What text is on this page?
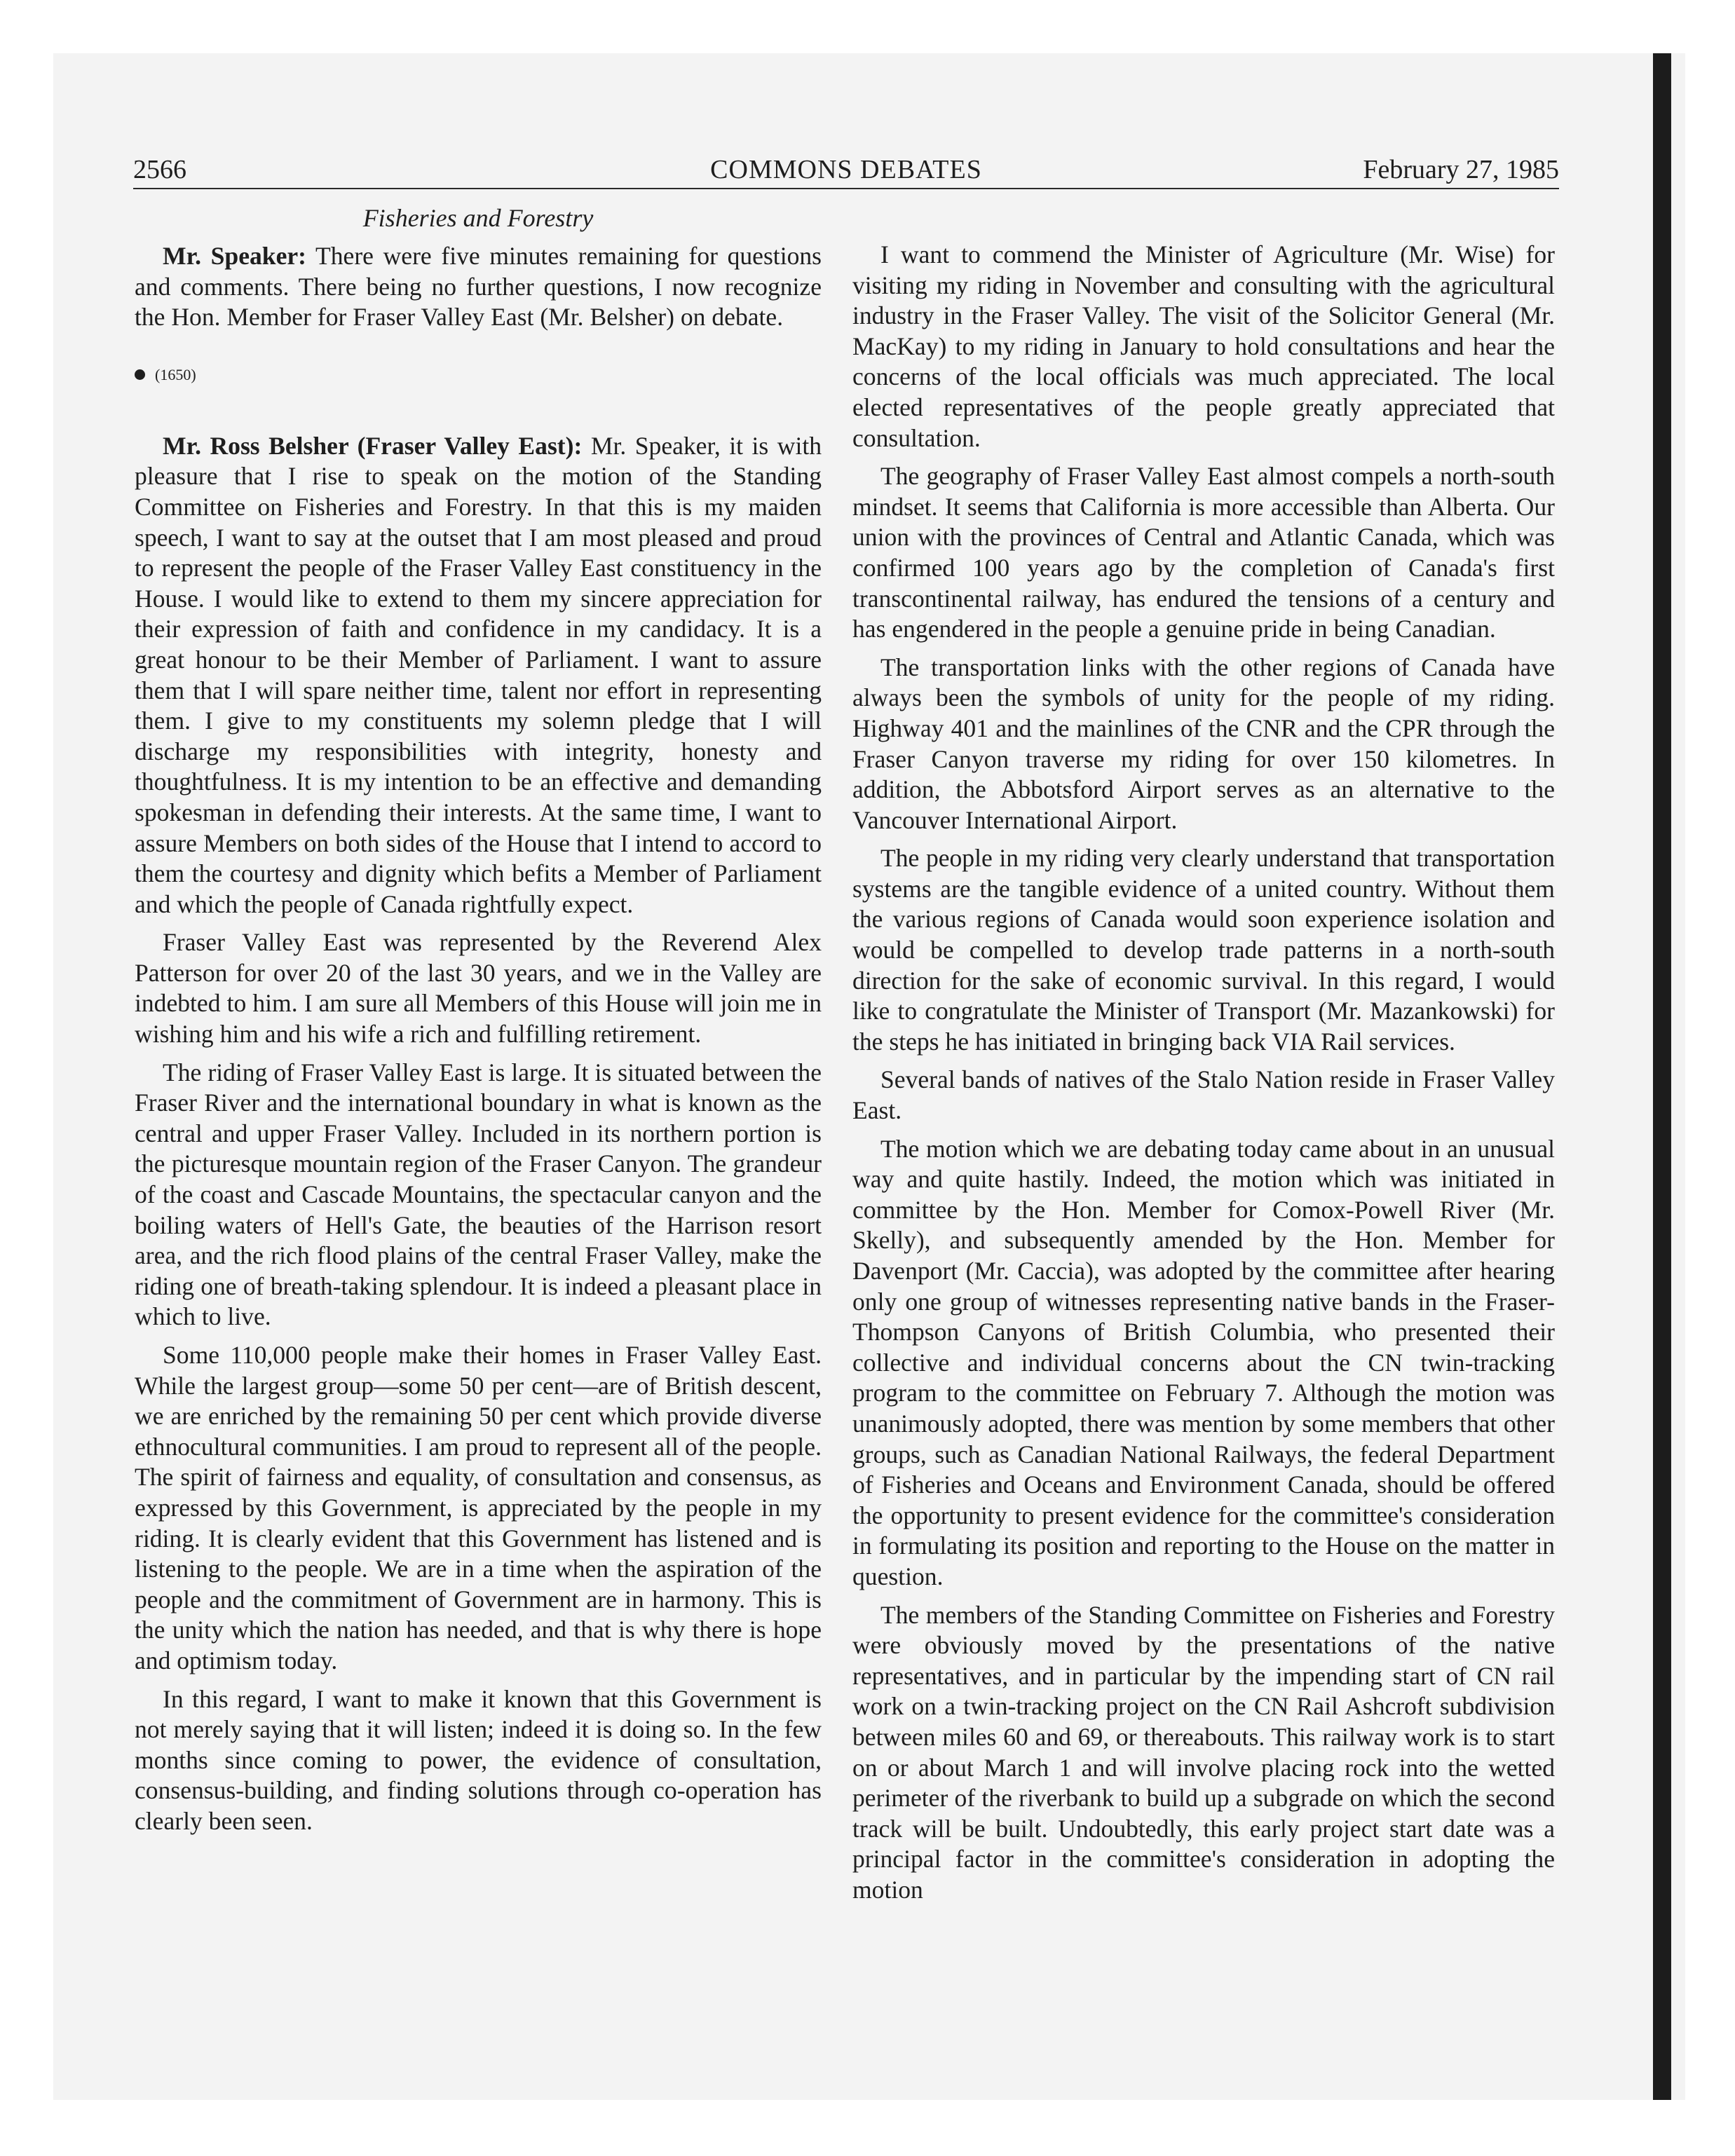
2566	COMMONS DEBATES	February 27, 1985
Fisheries and Forestry

Mr. Speaker: There were five minutes remaining for questions and comments. There being no further questions, I now recognize the Hon. Member for Fraser Valley East (Mr. Belsher) on debate.

(1650)

Mr. Ross Belsher (Fraser Valley East): Mr. Speaker, it is with pleasure that I rise to speak on the motion of the Standing Committee on Fisheries and Forestry. In that this is my maiden speech, I want to say at the outset that I am most pleased and proud to represent the people of the Fraser Valley East constituency in the House. I would like to extend to them my sincere appreciation for their expression of faith and confidence in my candidacy. It is a great honour to be their Member of Parliament. I want to assure them that I will spare neither time, talent nor effort in representing them. I give to my constituents my solemn pledge that I will discharge my responsibilities with integrity, honesty and thoughtfulness. It is my intention to be an effective and demanding spokesman in defending their interests. At the same time, I want to assure Members on both sides of the House that I intend to accord to them the courtesy and dignity which befits a Member of Parliament and which the people of Canada rightfully expect.

Fraser Valley East was represented by the Reverend Alex Patterson for over 20 of the last 30 years, and we in the Valley are indebted to him. I am sure all Members of this House will join me in wishing him and his wife a rich and fulfilling retirement.

The riding of Fraser Valley East is large. It is situated between the Fraser River and the international boundary in what is known as the central and upper Fraser Valley. Included in its northern portion is the picturesque mountain region of the Fraser Canyon. The grandeur of the coast and Cascade Mountains, the spectacular canyon and the boiling waters of Hell's Gate, the beauties of the Harrison resort area, and the rich flood plains of the central Fraser Valley, make the riding one of breath-taking splendour. It is indeed a pleasant place in which to live.

Some 110,000 people make their homes in Fraser Valley East. While the largest group—some 50 per cent—are of British descent, we are enriched by the remaining 50 per cent which provide diverse ethnocultural communities. I am proud to represent all of the people. The spirit of fairness and equality, of consultation and consensus, as expressed by this Government, is appreciated by the people in my riding. It is clearly evident that this Government has listened and is listening to the people. We are in a time when the aspiration of the people and the commitment of Government are in harmony. This is the unity which the nation has needed, and that is why there is hope and optimism today.

In this regard, I want to make it known that this Government is not merely saying that it will listen; indeed it is doing so. In the few months since coming to power, the evidence of consultation, consensus-building, and finding solutions through co-operation has clearly been seen.

I want to commend the Minister of Agriculture (Mr. Wise) for visiting my riding in November and consulting with the agricultural industry in the Fraser Valley. The visit of the Solicitor General (Mr. MacKay) to my riding in January to hold consultations and hear the concerns of the local officials was much appreciated. The local elected representatives of the people greatly appreciated that consultation.

The geography of Fraser Valley East almost compels a north-south mindset. It seems that California is more accessible than Alberta. Our union with the provinces of Central and Atlantic Canada, which was confirmed 100 years ago by the completion of Canada's first transcontinental railway, has endured the tensions of a century and has engendered in the people a genuine pride in being Canadian.

The transportation links with the other regions of Canada have always been the symbols of unity for the people of my riding. Highway 401 and the mainlines of the CNR and the CPR through the Fraser Canyon traverse my riding for over 150 kilometres. In addition, the Abbotsford Airport serves as an alternative to the Vancouver International Airport.

The people in my riding very clearly understand that transportation systems are the tangible evidence of a united country. Without them the various regions of Canada would soon experience isolation and would be compelled to develop trade patterns in a north-south direction for the sake of economic survival. In this regard, I would like to congratulate the Minister of Transport (Mr. Mazankowski) for the steps he has initiated in bringing back VIA Rail services.

Several bands of natives of the Stalo Nation reside in Fraser Valley East.

The motion which we are debating today came about in an unusual way and quite hastily. Indeed, the motion which was initiated in committee by the Hon. Member for Comox-Powell River (Mr. Skelly), and subsequently amended by the Hon. Member for Davenport (Mr. Caccia), was adopted by the committee after hearing only one group of witnesses representing native bands in the Fraser-Thompson Canyons of British Columbia, who presented their collective and individual concerns about the CN twin-tracking program to the committee on February 7. Although the motion was unanimously adopted, there was mention by some members that other groups, such as Canadian National Railways, the federal Department of Fisheries and Oceans and Environment Canada, should be offered the opportunity to present evidence for the committee's consideration in formulating its position and reporting to the House on the matter in question.

The members of the Standing Committee on Fisheries and Forestry were obviously moved by the presentations of the native representatives, and in particular by the impending start of CN rail work on a twin-tracking project on the CN Rail Ashcroft subdivision between miles 60 and 69, or thereabouts. This railway work is to start on or about March 1 and will involve placing rock into the wetted perimeter of the riverbank to build up a subgrade on which the second track will be built. Undoubtedly, this early project start date was a principal factor in the committee's consideration in adopting the motion
